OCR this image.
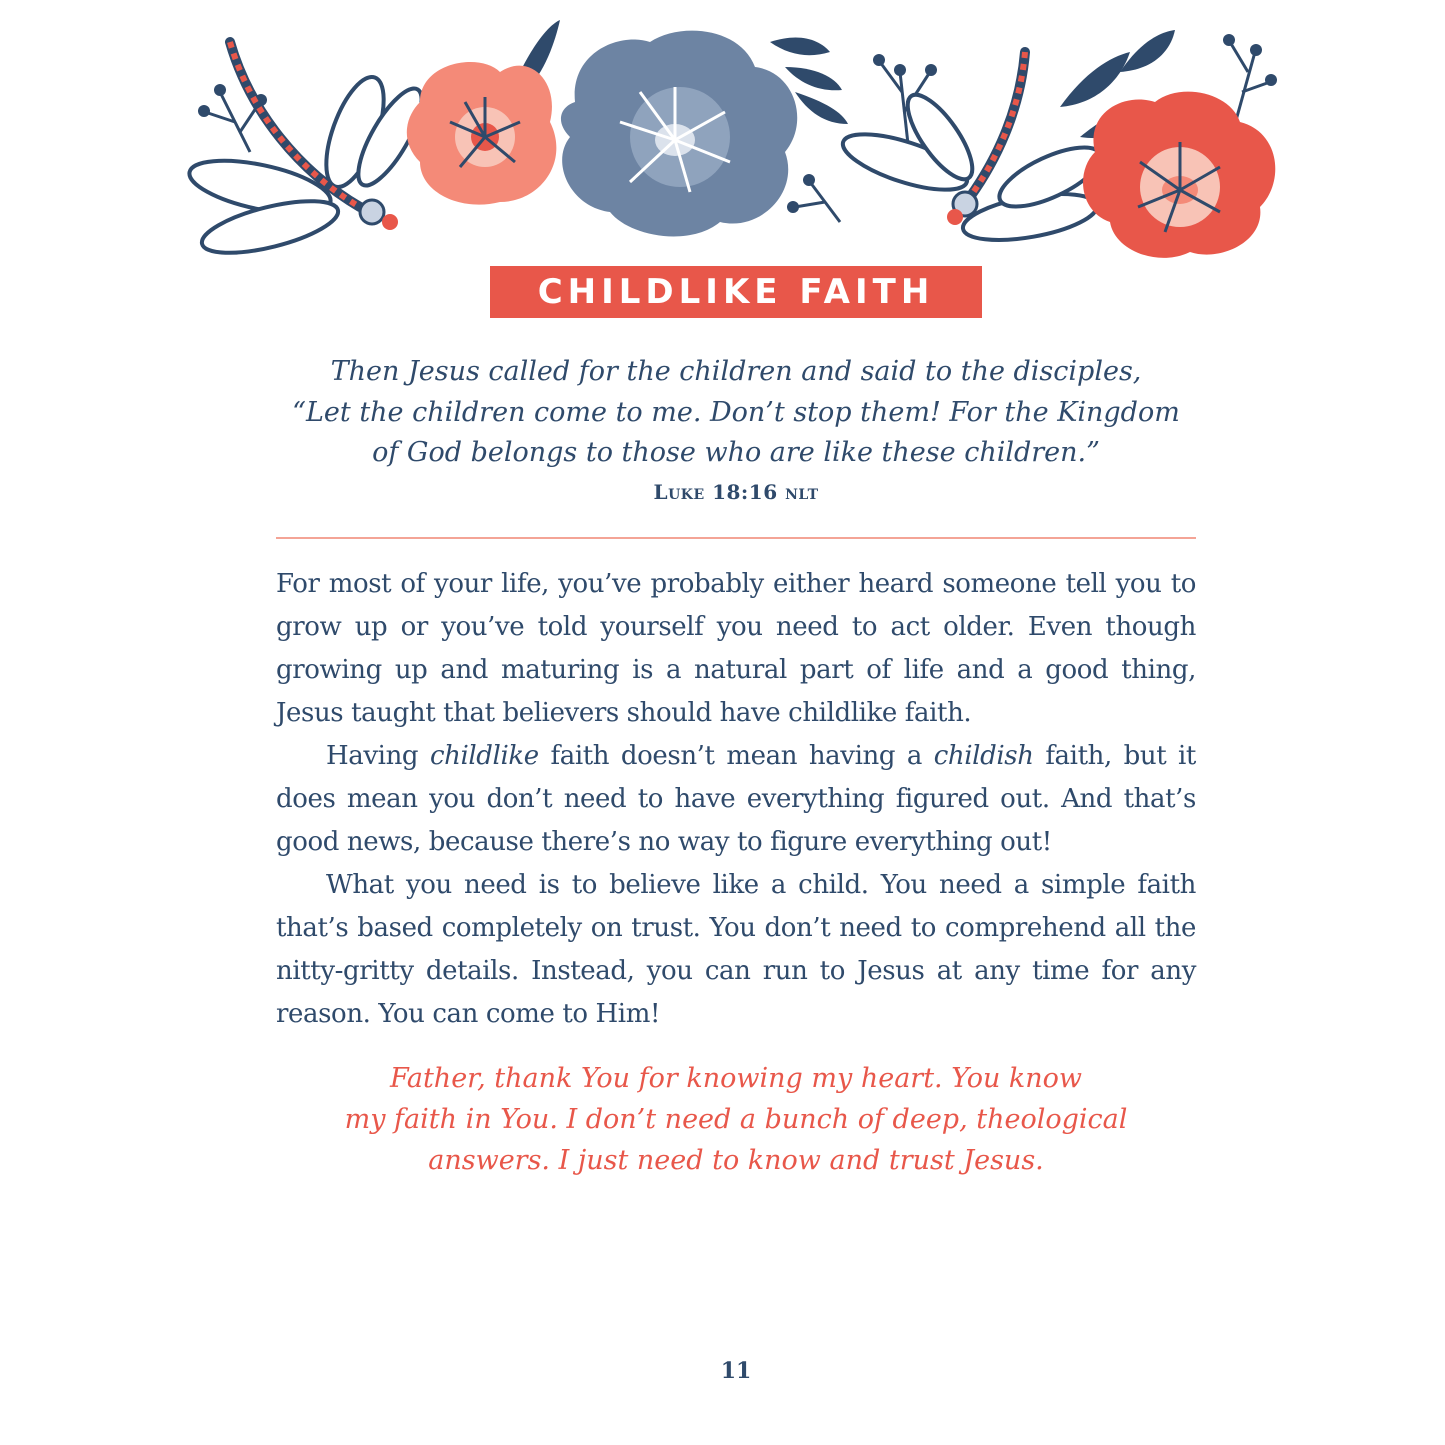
CHILDLIKE FAITH
Then Jesus called for the children and said to the disciples,
“Let the children come to me. Don’t stop them! For the Kingdom
of God belongs to those who are like these children.”
Luke 18:16 nlt

For most of your life, you’ve probably either heard someone tell you to grow up or you’ve told yourself you need to act older. Even though growing up and maturing is a natural part of life and a good thing, Jesus taught that believers should have childlike faith.

Having childlike faith doesn’t mean having a childish faith, but it does mean you don’t need to have everything figured out. And that’s good news, because there’s no way to figure everything out!

What you need is to believe like a child. You need a simple faith that’s based completely on trust. You don’t need to comprehend all the nitty-gritty details. Instead, you can run to Jesus at any time for any reason. You can come to Him!

Father, thank You for knowing my heart. You know
my faith in You. I don’t need a bunch of deep, theological
answers. I just need to know and trust Jesus.
11
